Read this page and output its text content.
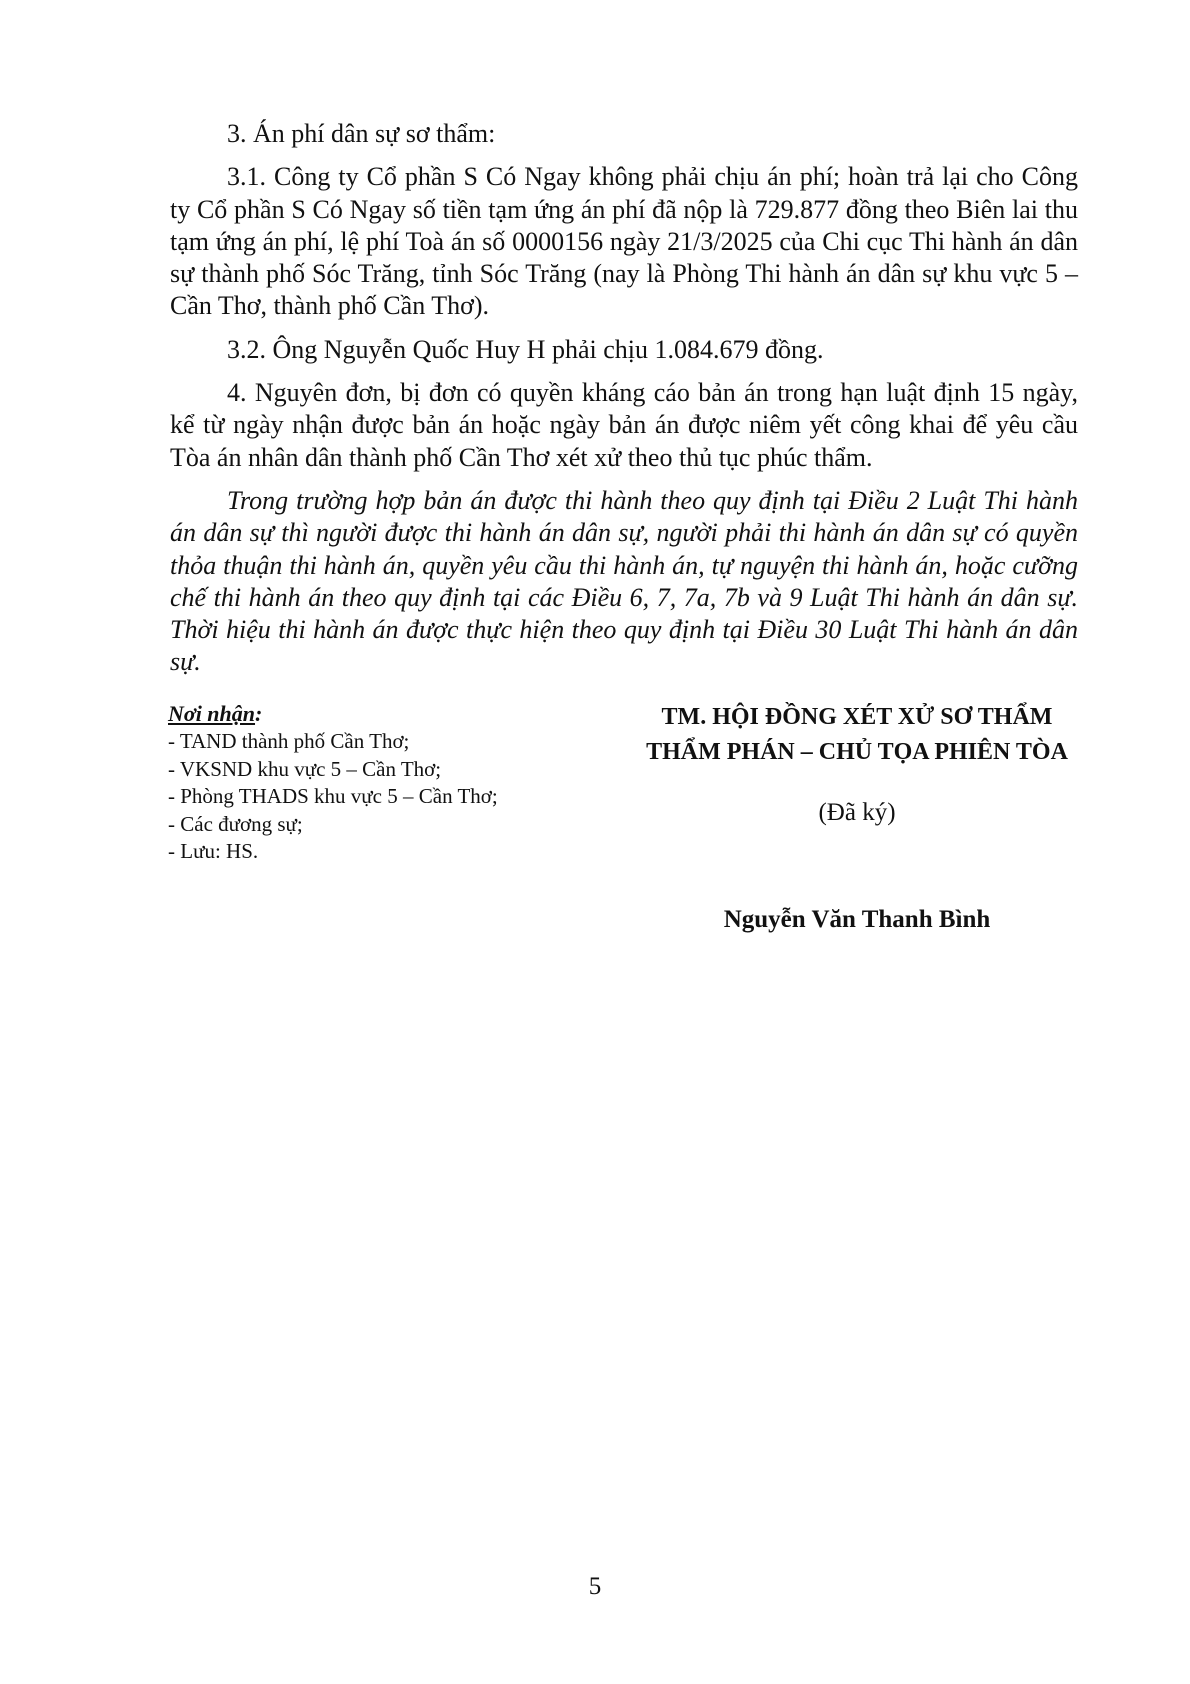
3. Án phí dân sự sơ thẩm:

3.1. Công ty Cổ phần S Có Ngay không phải chịu án phí; hoàn trả lại cho Công ty Cổ phần S Có Ngay số tiền tạm ứng án phí đã nộp là 729.877 đồng theo Biên lai thu tạm ứng án phí, lệ phí Toà án số 0000156 ngày 21/3/2025 của Chi cục Thi hành án dân sự thành phố Sóc Trăng, tỉnh Sóc Trăng (nay là Phòng Thi hành án dân sự khu vực 5 – Cần Thơ, thành phố Cần Thơ).

3.2. Ông Nguyễn Quốc Huy H phải chịu 1.084.679 đồng.

4. Nguyên đơn, bị đơn có quyền kháng cáo bản án trong hạn luật định 15 ngày, kể từ ngày nhận được bản án hoặc ngày bản án được niêm yết công khai để yêu cầu Tòa án nhân dân thành phố Cần Thơ xét xử theo thủ tục phúc thẩm.

Trong trường hợp bản án được thi hành theo quy định tại Điều 2 Luật Thi hành án dân sự thì người được thi hành án dân sự, người phải thi hành án dân sự có quyền thỏa thuận thi hành án, quyền yêu cầu thi hành án, tự nguyện thi hành án, hoặc cưỡng chế thi hành án theo quy định tại các Điều 6, 7, 7a, 7b và 9 Luật Thi hành án dân sự. Thời hiệu thi hành án được thực hiện theo quy định tại Điều 30 Luật Thi hành án dân sự.

Nơi nhận:
- TAND thành phố Cần Thơ;
- VKSND khu vực 5 – Cần Thơ;
- Phòng THADS khu vực 5 – Cần Thơ;
- Các đương sự;
- Lưu: HS.
TM. HỘI ĐỒNG XÉT XỬ SƠ THẨM
THẨM PHÁN – CHỦ TỌA PHIÊN TÒA
(Đã ký)
Nguyễn Văn Thanh Bình
5
